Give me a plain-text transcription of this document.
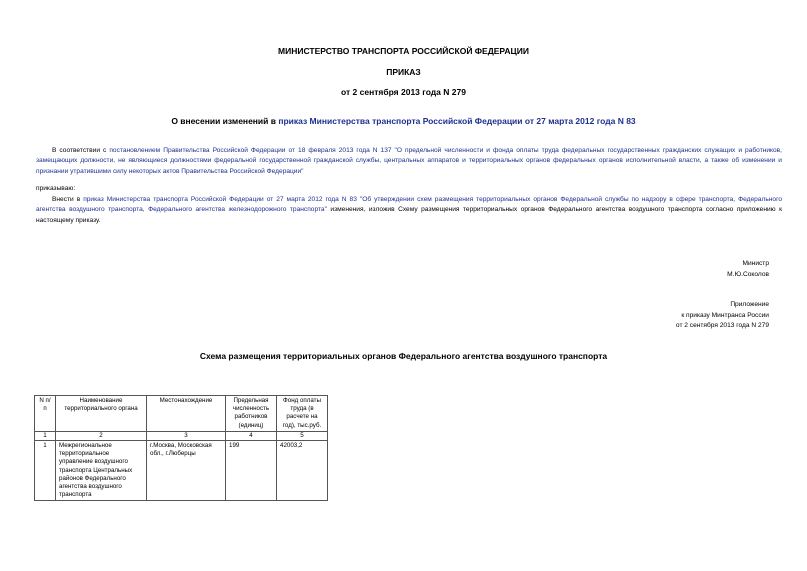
МИНИСТЕРСТВО ТРАНСПОРТА РОССИЙСКОЙ ФЕДЕРАЦИИ
ПРИКАЗ
от 2 сентября 2013 года N 279
О внесении изменений в приказ Министерства транспорта Российской Федерации от 27 марта 2012 года N 83
В соответствии с постановлением Правительства Российской Федерации от 18 февраля 2013 года N 137 "О предельной численности и фонда оплаты труда федеральных государственных гражданских служащих и работников, замещающих должности, не являющиеся должностями федеральной государственной гражданской службы, центральных аппаратов и территориальных органов федеральных органов исполнительной власти, а также об изменении и признании утратившими силу некоторых актов Правительства Российской Федерации"
приказываю:
Внести в приказ Министерства транспорта Российской Федерации от 27 марта 2012 года N 83 "Об утверждении схем размещения территориальных органов Федеральной службы по надзору в сфере транспорта, Федерального агентства воздушного транспорта, Федерального агентства железнодорожного транспорта" изменения, изложив Схему размещения территориальных органов Федерального агентства воздушного транспорта согласно приложению к настоящему приказу.
Министр
М.Ю.Соколов
Приложение
к приказу Минтранса России
от 2 сентября 2013 года N 279
Схема размещения территориальных органов Федерального агентства воздушного транспорта
N п/п	Наименование территориального органа	Местонахождение	Предельная численность работников (единиц)	Фонд оплаты труда (в расчете на год), тыс.руб.
1	2	3	4	5
1	Межрегиональное территориальное управление воздушного транспорта Центральных районов Федерального агентства воздушного транспорта	г.Москва, Московская обл., г.Люберцы	199	42003,2
